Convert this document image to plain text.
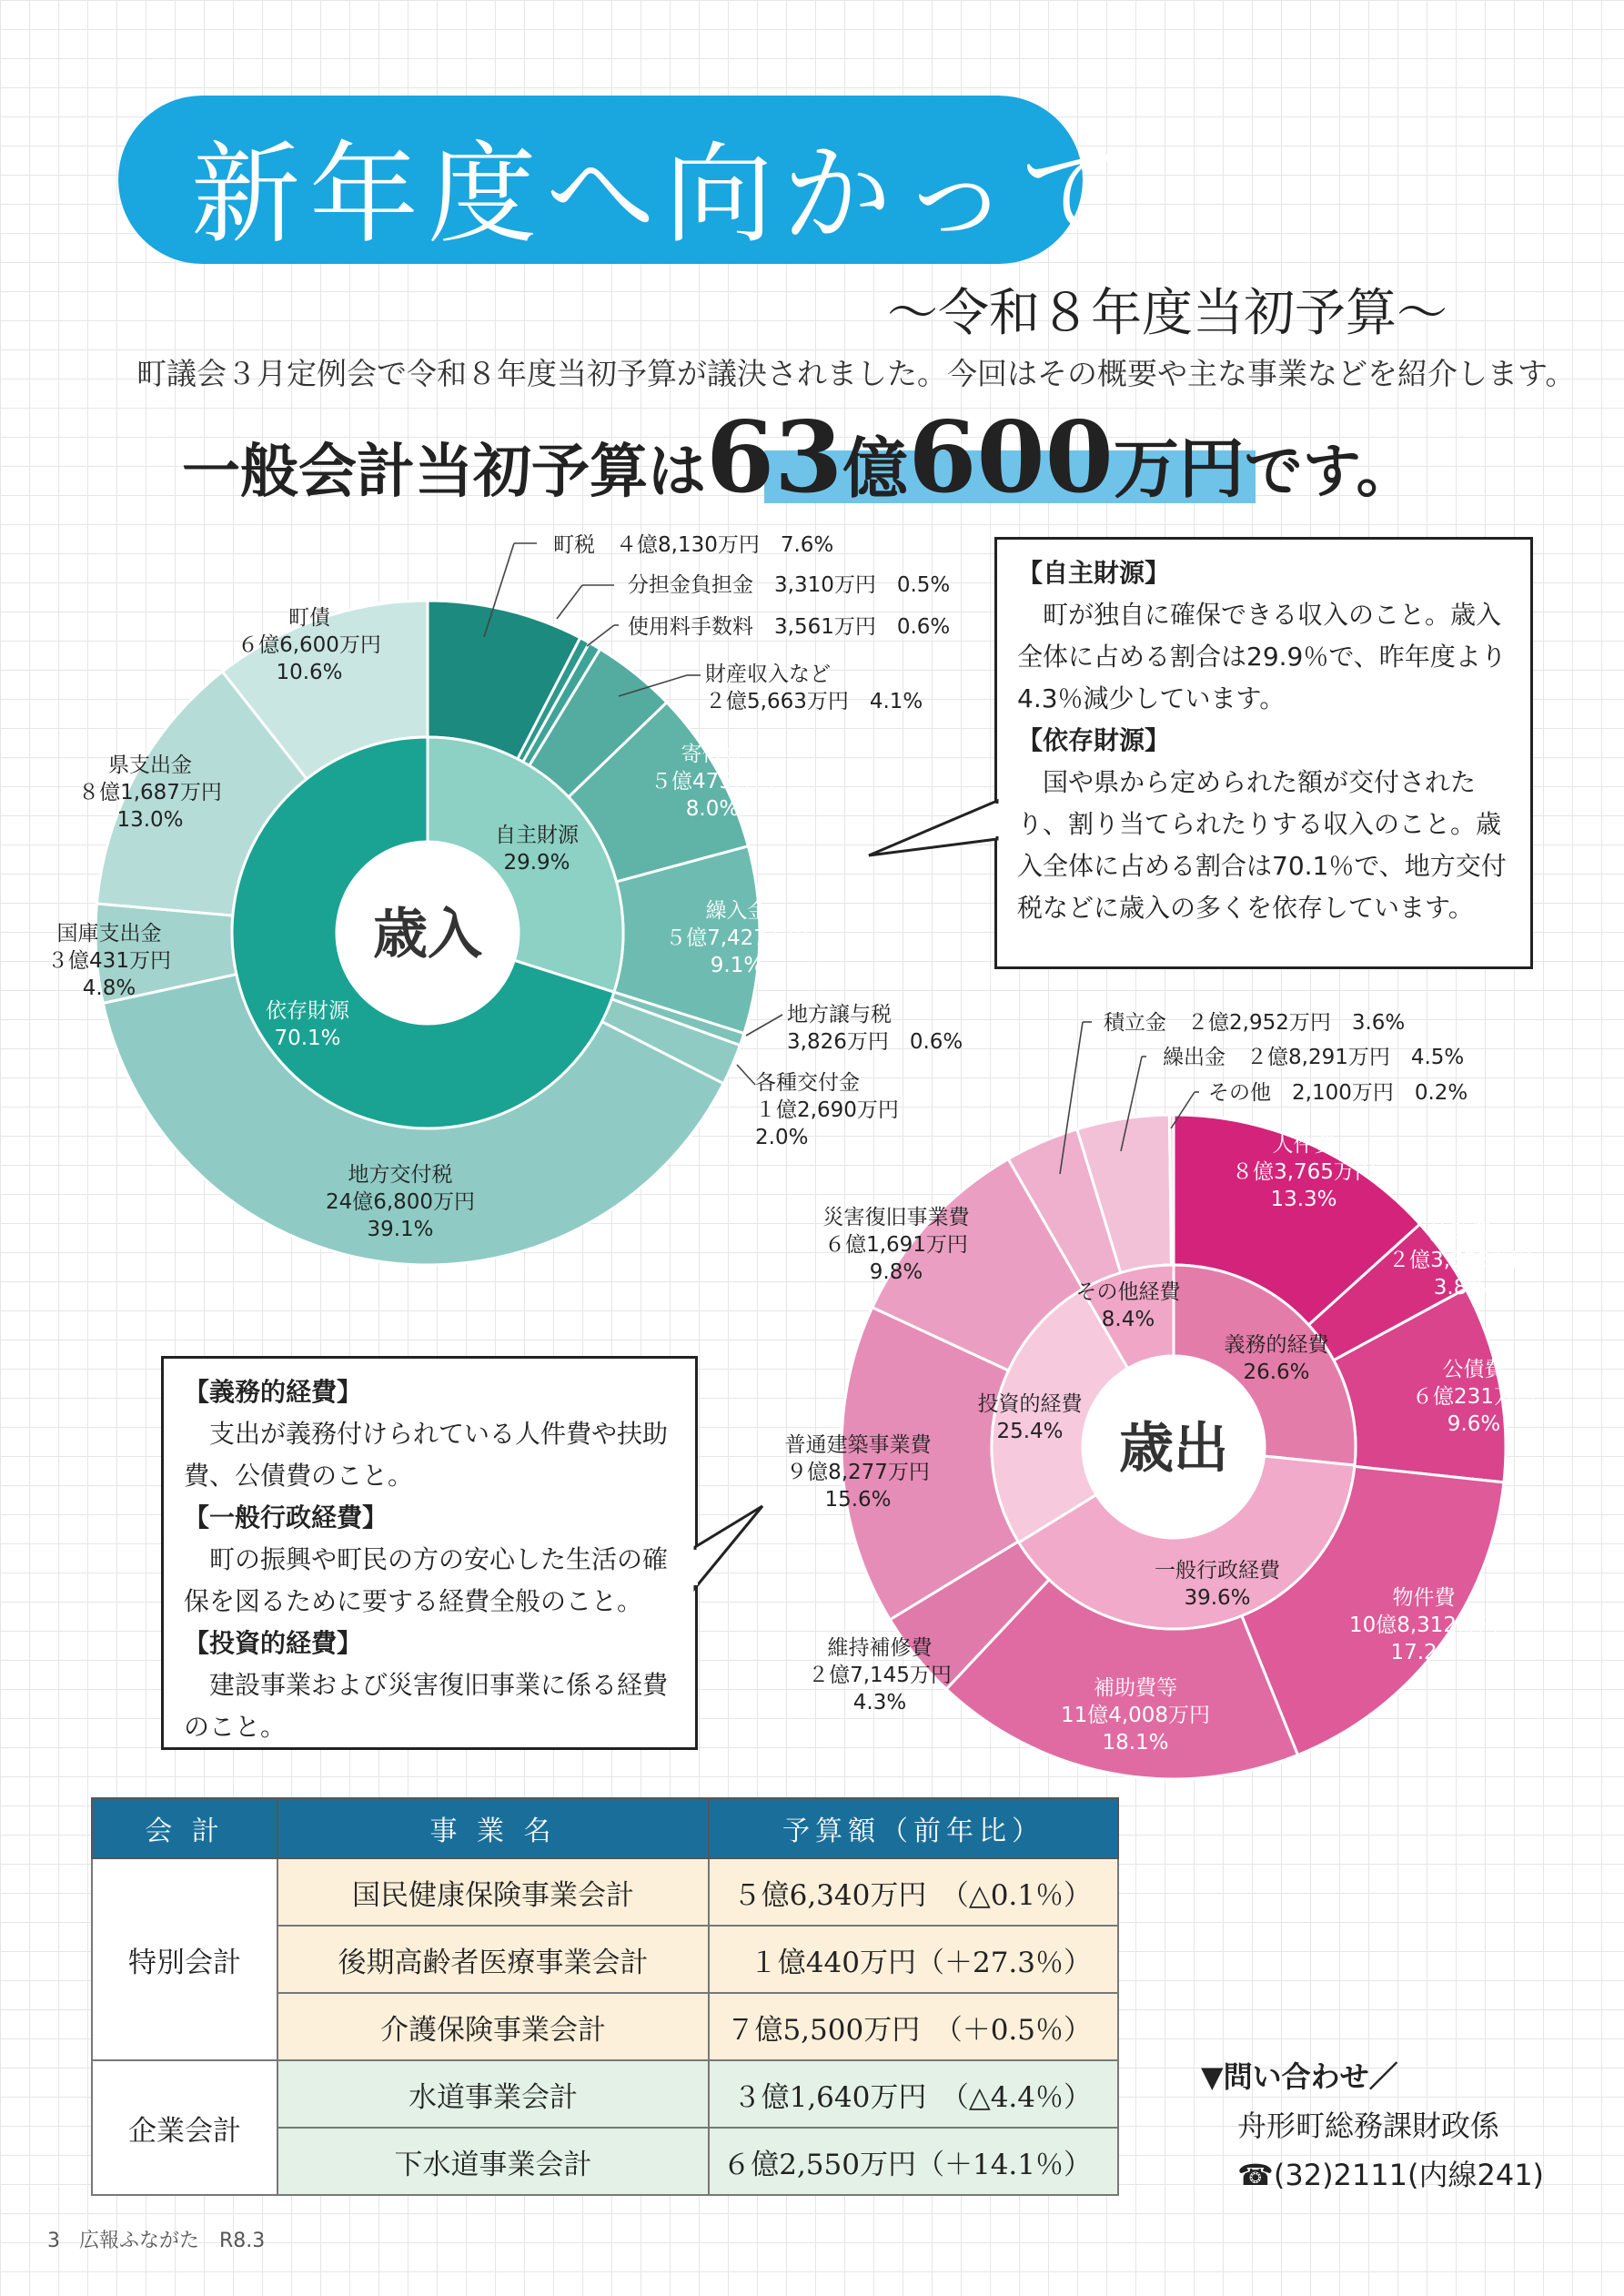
新年度へ向かって
～令和８年度当初予算～
町議会３月定例会で令和８年度当初予算が議決されました。今回はその概要や主な事業などを紹介します。
一般会計当初予算は63億600万円です。
歳入
自主財源 29.9%
依存財源 70.1%
町税　４億8,130万円　7.6%
分担金負担金　3,310万円　0.5%
使用料手数料　3,561万円　0.6%
財産収入など２億5,663万円　4.1%
寄付金５億475万円 8.0%
繰入金５億7,427万円 9.1%
地方譲与税 3,826万円　0.6%
各種交付金１億2,690万円 2.0%
地方交付税 24億6,800万円 39.1%
国庫支出金３億431万円 4.8%
県支出金８億1,687万円 13.0%
町債６億6,600万円 10.6%
歳出
義務的経費 26.6%
一般行政経費 39.6%
投資的経費 25.4%
その他経費 8.4%
人件費８億3,765万円 13.3%
扶助費２億3,828万円 3.8%
公債費６億231万円 9.6%
物件費 10億8,312万円 17.2%
補助費等 11億4,008万円 18.1%
維持補修費２億7,145万円 4.3%
普通建築事業費９億8,277万円 15.6%
災害復旧事業費６億1,691万円 9.8%
積立金　２億2,952万円　3.6%
繰出金　２億8,291万円　4.5%
その他　2,100万円　0.2%
【自主財源】
町が独自に確保できる収入のこと。歳入全体に占める割合は29.9％で、昨年度より4.3％減少しています。
【依存財源】
国や県から定められた額が交付されたり、割り当てられたりする収入のこと。歳入全体に占める割合は70.1％で、地方交付税などに歳入の多くを依存しています。
【義務的経費】
支出が義務付けられている人件費や扶助費、公債費のこと。
【一般行政経費】
町の振興や町民の方の安心した生活の確保を図るために要する経費全般のこと。
【投資的経費】
建設事業および災害復旧事業に係る経費のこと。
会 計	事 業 名	予算額（前年比）
特別会計	国民健康保険事業会計	５億6,340万円　（△0.1％）
	後期高齢者医療事業会計	１億440万円（＋27.3％）
	介護保険事業会計	７億5,500万円　（＋0.5％）
企業会計	水道事業会計	３億1,640万円　（△4.4％）
	下水道事業会計	６億2,550万円（＋14.1％）
▼問い合わせ／
舟形町総務課財政係
☎(32)2111(内線241)
3 広報ふながた　R8.3
